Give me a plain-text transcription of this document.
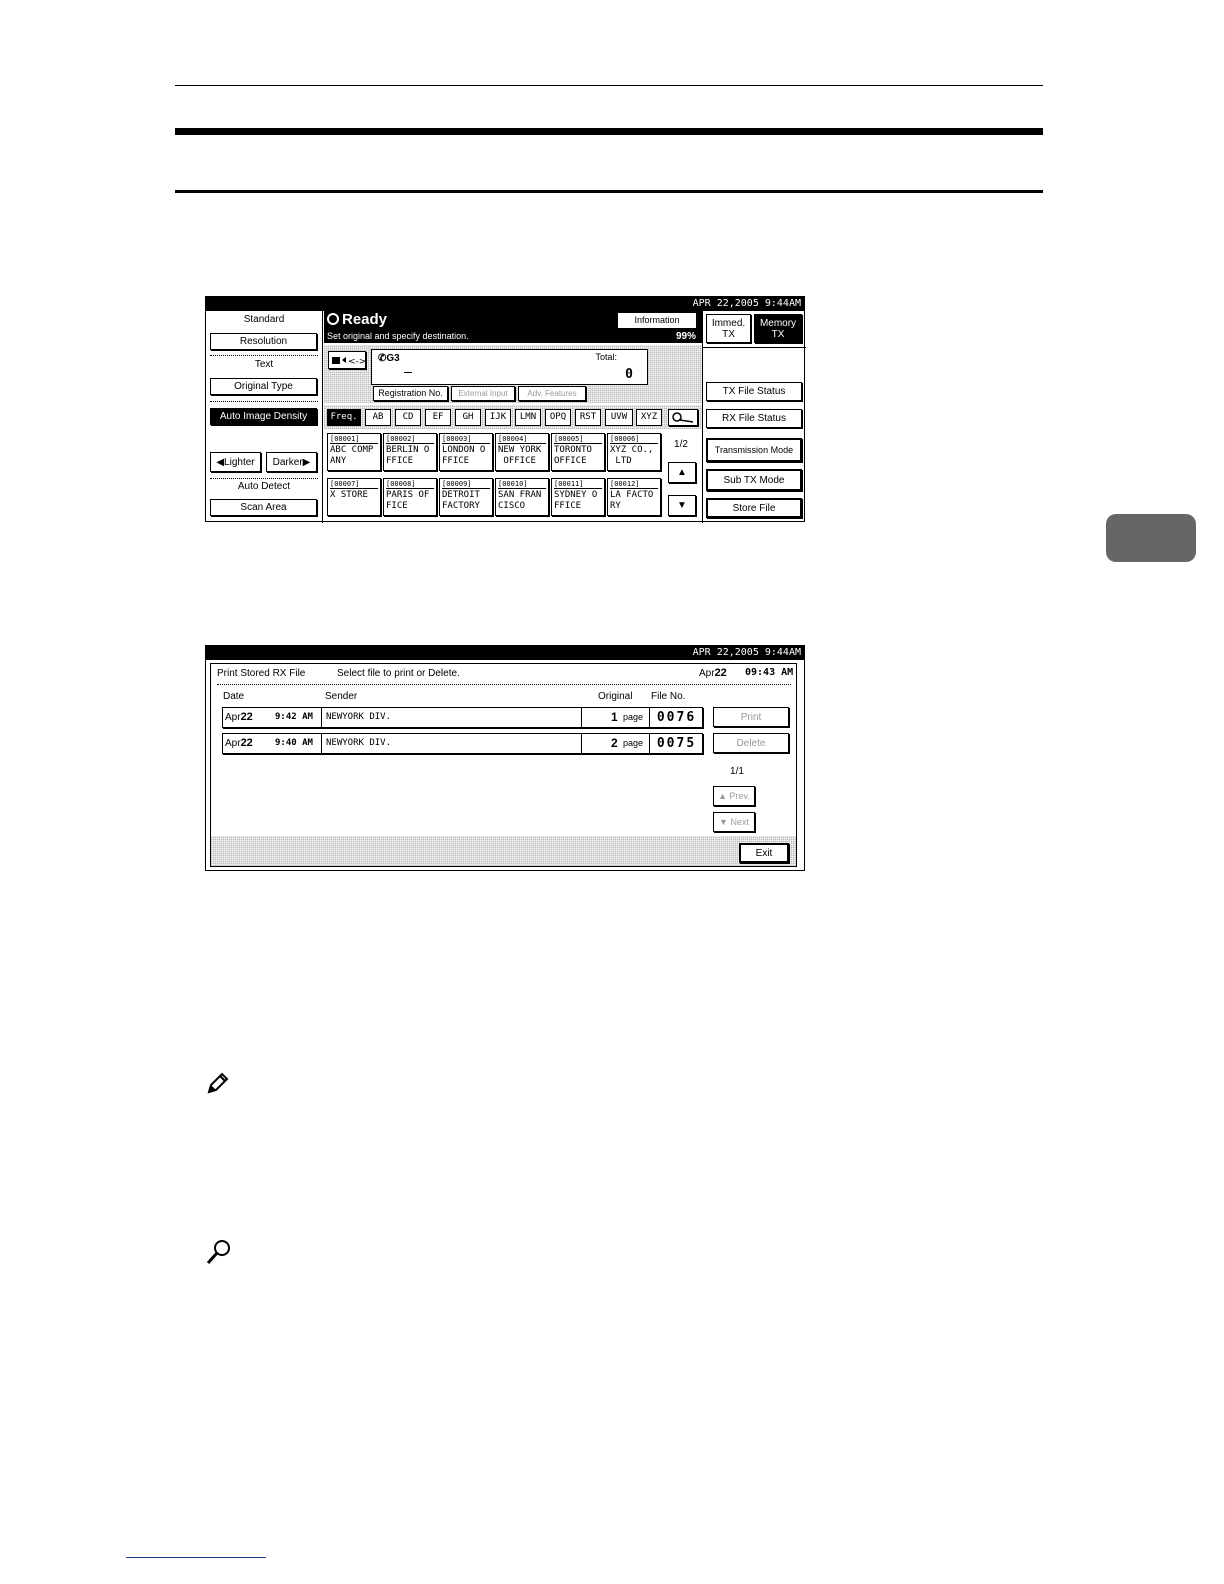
APR 22,2005 9:44AM
Standard
Resolution
Text
Original Type
Auto Image Density
◀Lighter	Darker▶
Auto Detect
Scan Area
Ready
Set original and specify destination.	99%
Information
<-> ✆G3	Total:
0
Registration No.	External Input	Adv. Features
Freq.	AB	CD	EF	GH	IJK	LMN	OPQ	RST	UVW	XYZ
[00001]
ABC COMP
ANY
[00002]
BERLIN O
FFICE
[00003]
LONDON O
FFICE
[00004]
NEW YORK
OFFICE
[00005]
TORONTO
OFFICE
[00006]
XYZ CO.,
LTD
[00007]
X STORE
[00008]
PARIS OF
FICE
[00009]
DETROIT
FACTORY
[00010]
SAN FRAN
CISCO
[00011]
SYDNEY O
FFICE
[00012]
LA FACTO
RY
1/2
▲
▼
Immed.
TX
Memory
TX
TX File Status
RX File Status
Transmission Mode
Sub TX Mode
Store File
APR 22,2005 9:44AM
Print Stored RX File	Select file to print or Delete.	Apr22 09:43 AM
Date	Sender	Original File No.
Apr22 9:42 AM NEWYORK DIV.	1 page	0076
Apr22 9:40 AM NEWYORK DIV.	2 page	0075
Print
Delete
1/1
▲ Prev.
▼ Next
Exit
